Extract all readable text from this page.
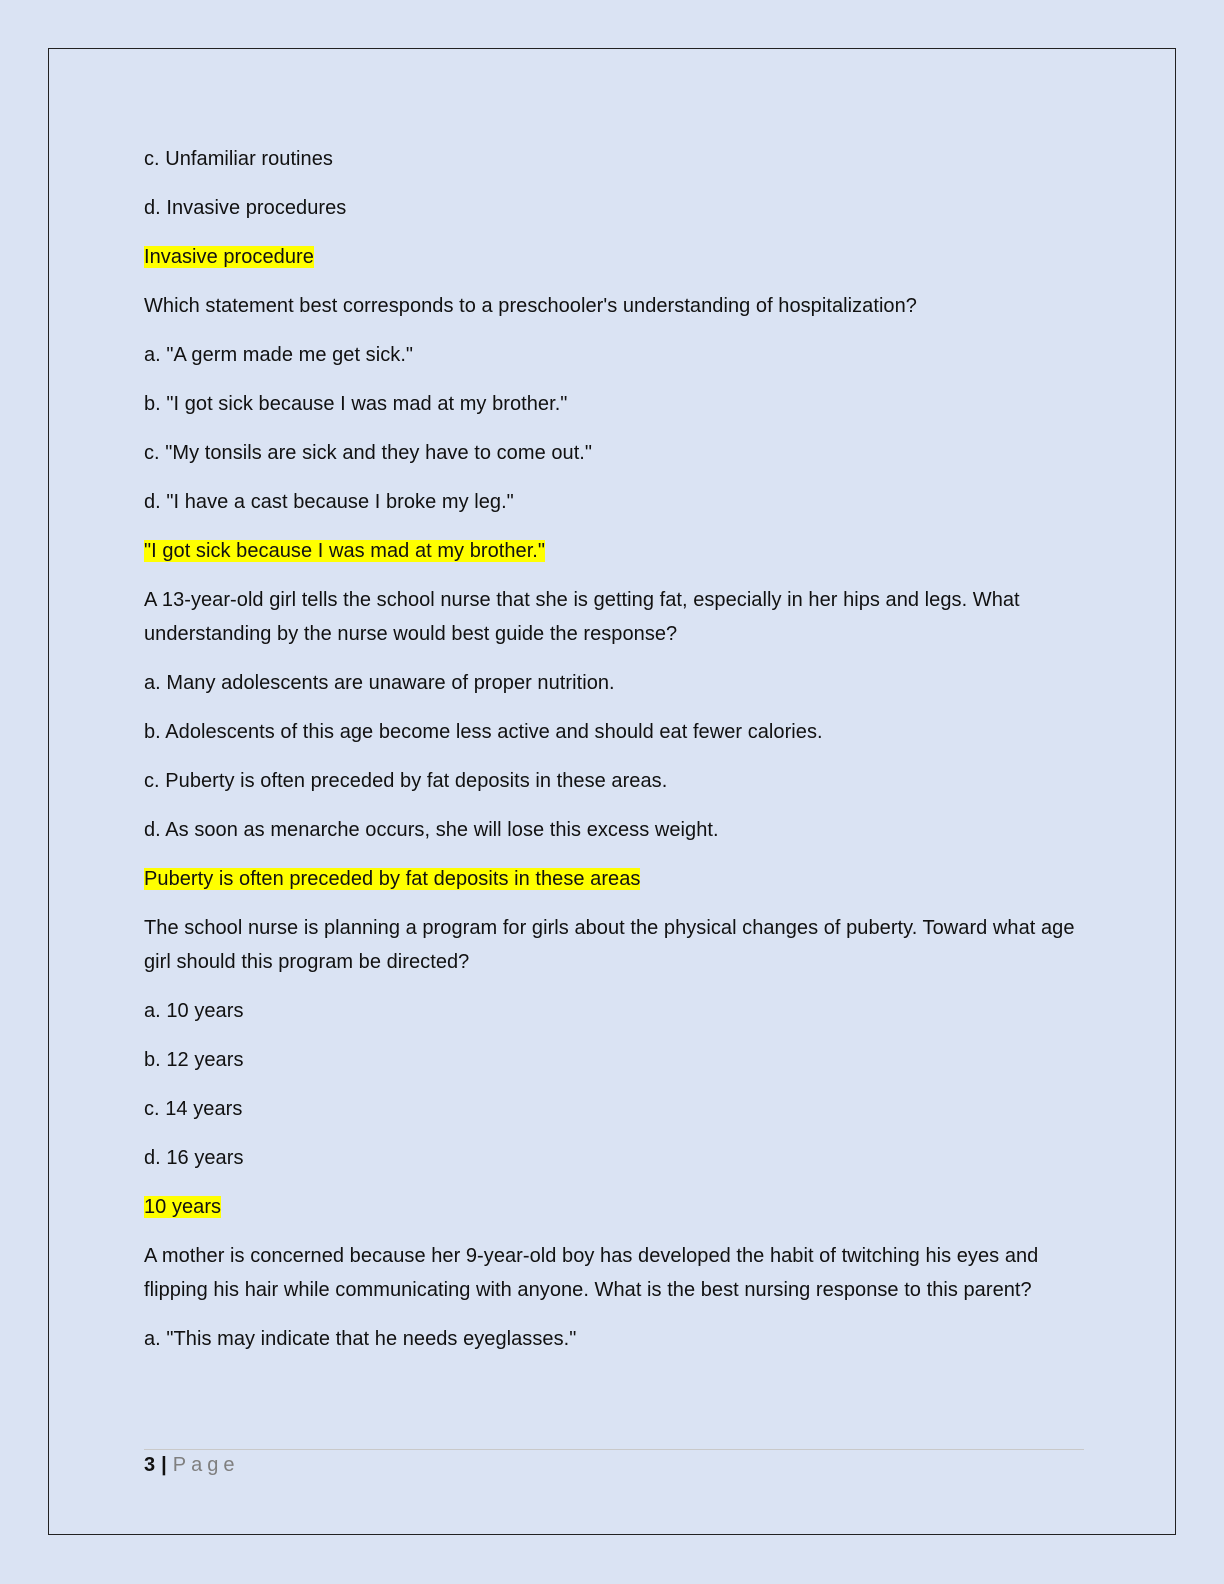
c. Unfamiliar routines

d. Invasive procedures

Invasive procedure

Which statement best corresponds to a preschooler's understanding of hospitalization?

a. "A germ made me get sick."

b. "I got sick because I was mad at my brother."

c. "My tonsils are sick and they have to come out."

d. "I have a cast because I broke my leg."

"I got sick because I was mad at my brother."

A 13-year-old girl tells the school nurse that she is getting fat, especially in her hips and legs. What understanding by the nurse would best guide the response?

a. Many adolescents are unaware of proper nutrition.

b. Adolescents of this age become less active and should eat fewer calories.

c. Puberty is often preceded by fat deposits in these areas.

d. As soon as menarche occurs, she will lose this excess weight.

Puberty is often preceded by fat deposits in these areas

The school nurse is planning a program for girls about the physical changes of puberty. Toward what age girl should this program be directed?

a. 10 years

b. 12 years

c. 14 years

d. 16 years

10 years

A mother is concerned because her 9-year-old boy has developed the habit of twitching his eyes and flipping his hair while communicating with anyone. What is the best nursing response to this parent?

a. "This may indicate that he needs eyeglasses."

3 | Page
